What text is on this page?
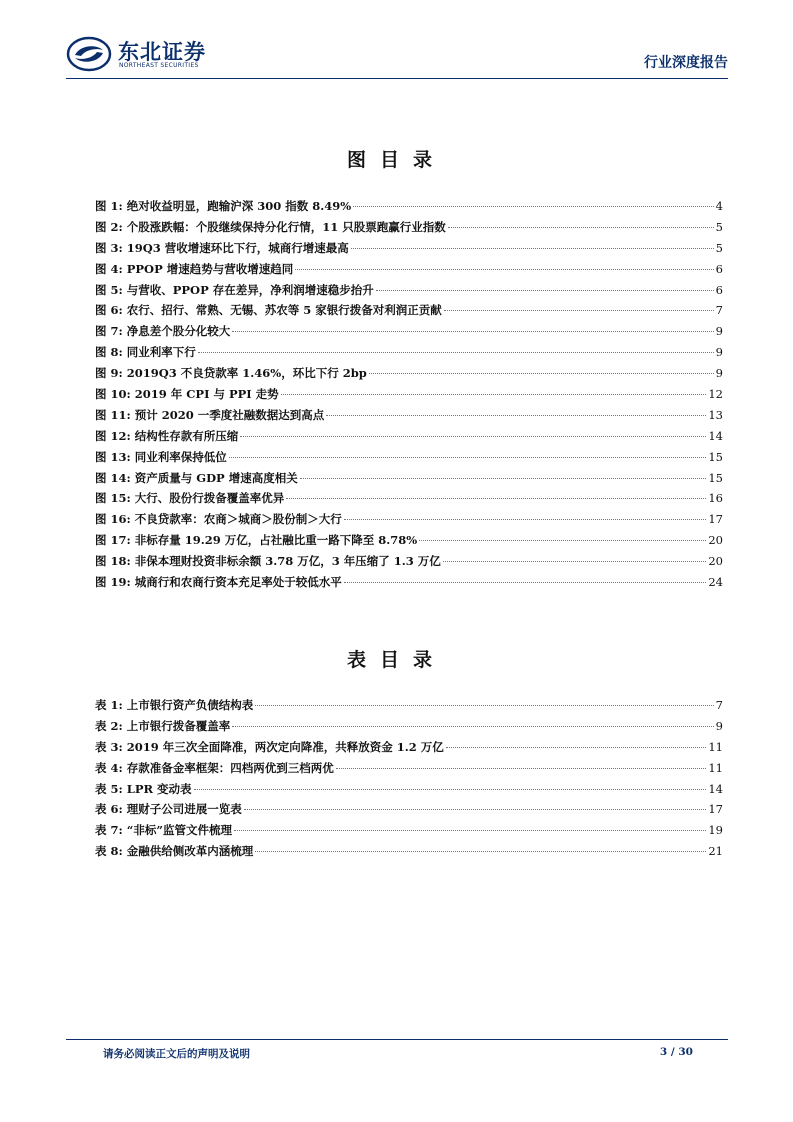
东北证券
NORTHEAST SECURITIES	行业深度报告
图目录
图 1: 绝对收益明显，跑输沪深 300 指数 8.49%	4
图 2: 个股涨跌幅：个股继续保持分化行情，11 只股票跑赢行业指数	5
图 3: 19Q3 营收增速环比下行，城商行增速最高	5
图 4: PPOP 增速趋势与营收增速趋同	6
图 5: 与营收、PPOP 存在差异，净利润增速稳步抬升	6
图 6: 农行、招行、常熟、无锡、苏农等 5 家银行拨备对利润正贡献	7
图 7: 净息差个股分化较大	9
图 8: 同业利率下行	9
图 9: 2019Q3 不良贷款率 1.46%，环比下行 2bp	9
图 10: 2019 年 CPI 与 PPI 走势	12
图 11: 预计 2020 一季度社融数据达到高点	13
图 12: 结构性存款有所压缩	14
图 13: 同业利率保持低位	15
图 14: 资产质量与 GDP 增速高度相关	15
图 15: 大行、股份行拨备覆盖率优异	16
图 16: 不良贷款率：农商＞城商＞股份制＞大行	17
图 17: 非标存量 19.29 万亿，占社融比重一路下降至 8.78%	20
图 18: 非保本理财投资非标余额 3.78 万亿，3 年压缩了 1.3 万亿	20
图 19: 城商行和农商行资本充足率处于较低水平	24
表目录
表 1: 上市银行资产负债结构表	7
表 2: 上市银行拨备覆盖率	9
表 3: 2019 年三次全面降准，两次定向降准，共释放资金 1.2 万亿	11
表 4: 存款准备金率框架：四档两优到三档两优	11
表 5: LPR 变动表	14
表 6: 理财子公司进展一览表	17
表 7: “非标”监管文件梳理	19
表 8: 金融供给侧改革内涵梳理	21
请务必阅读正文后的声明及说明	3 / 30
